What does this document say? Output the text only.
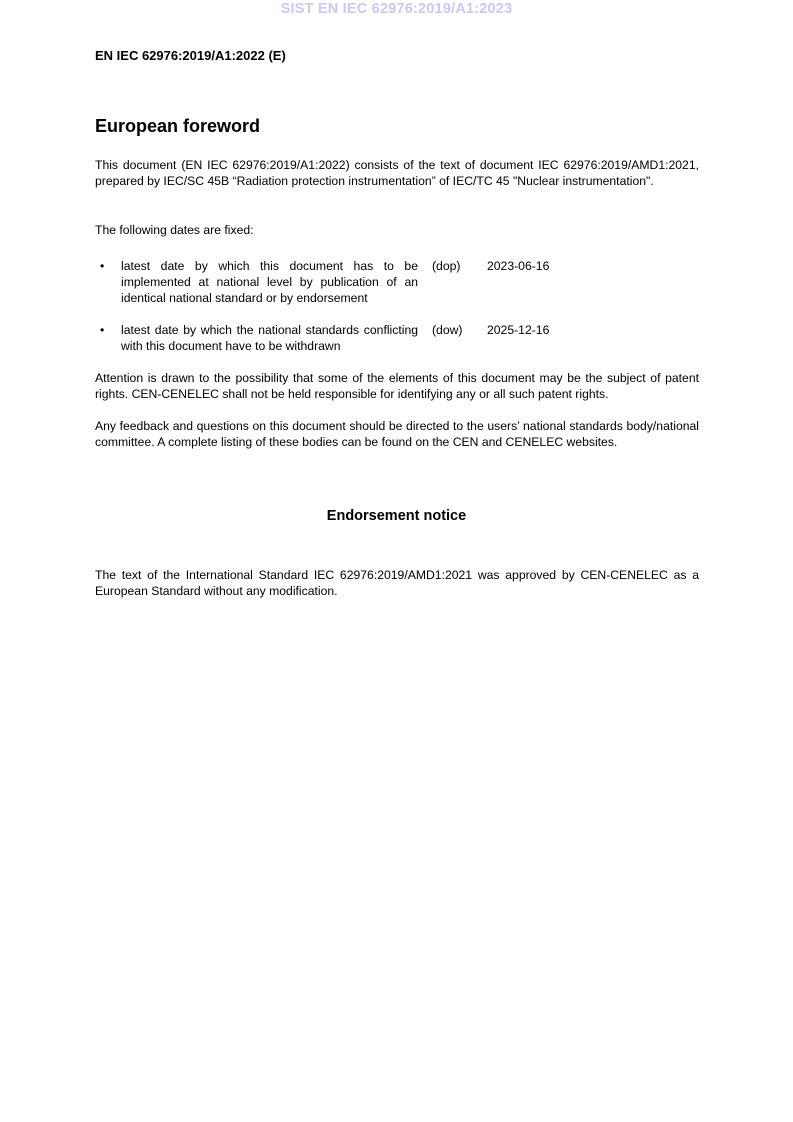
SIST EN IEC 62976:2019/A1:2023
EN IEC 62976:2019/A1:2022 (E)
European foreword

This document (EN IEC 62976:2019/A1:2022) consists of the text of document IEC 62976:2019/AMD1:2021, prepared by IEC/SC 45B “Radiation protection instrumentation” of IEC/TC 45 "Nuclear instrumentation".

The following dates are fixed:

• latest date by which this document has to be implemented at national level by publication of an identical national standard or by endorsement
(dop) 2023-06-16
• latest date by which the national standards conflicting with this document have to be withdrawn
(dow) 2025-12-16

Attention is drawn to the possibility that some of the elements of this document may be the subject of patent rights. CEN-CENELEC shall not be held responsible for identifying any or all such patent rights.

Any feedback and questions on this document should be directed to the users’ national standards body/national committee. A complete listing of these bodies can be found on the CEN and CENELEC websites.

Endorsement notice

The text of the International Standard IEC 62976:2019/AMD1:2021 was approved by CEN-CENELEC as a European Standard without any modification.
